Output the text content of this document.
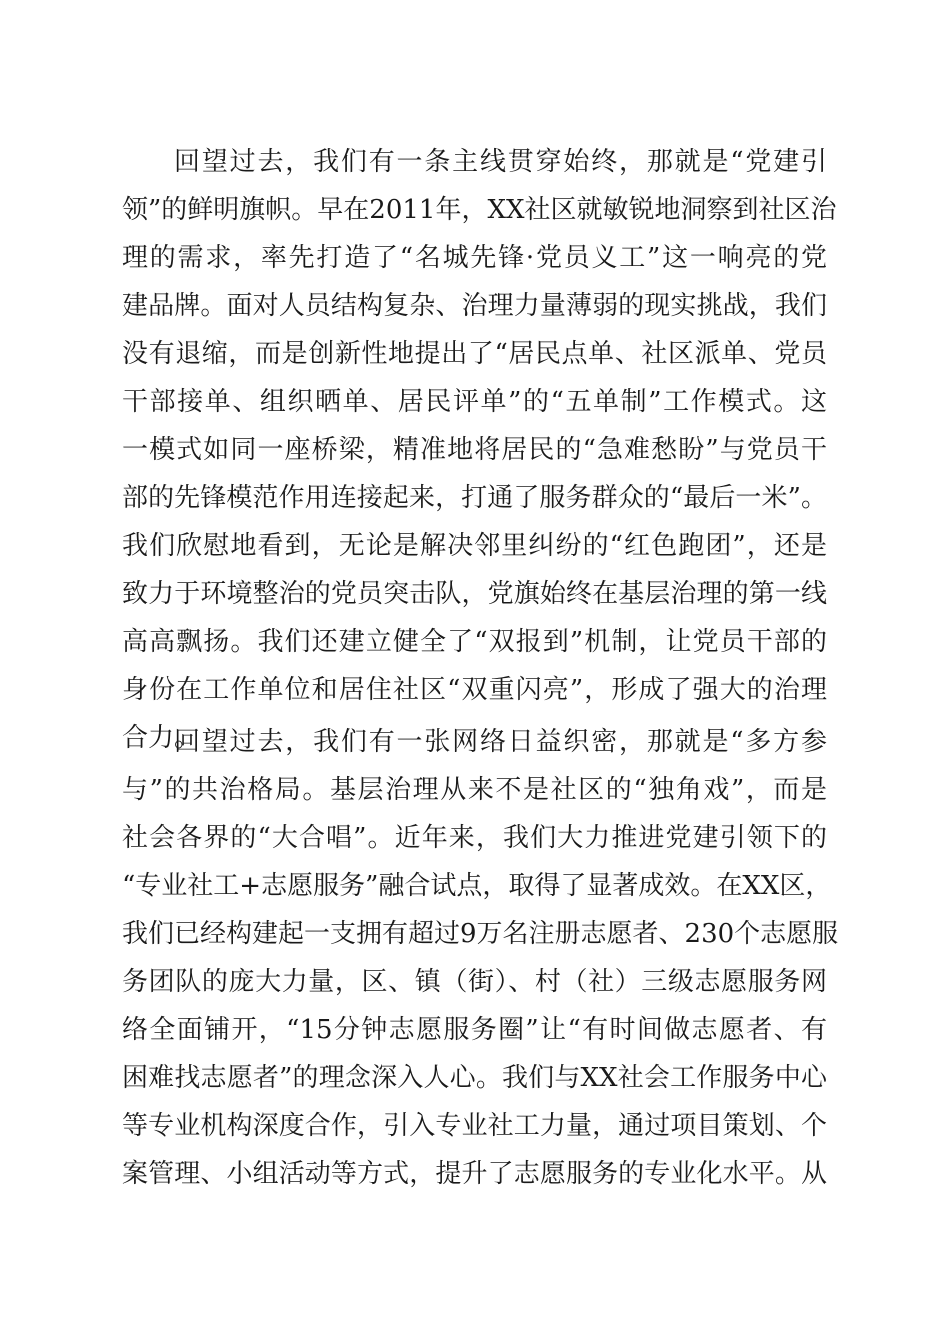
回望过去，我们有一条主线贯穿始终，那就是“党建引
领”的鲜明旗帜。早在2011年，XX社区就敏锐地洞察到社区治
理的需求，率先打造了“名城先锋·党员义工”这一响亮的党
建品牌。面对人员结构复杂、治理力量薄弱的现实挑战，我们
没有退缩，而是创新性地提出了“居民点单、社区派单、党员
干部接单、组织晒单、居民评单”的“五单制”工作模式。这
一模式如同一座桥梁，精准地将居民的“急难愁盼”与党员干
部的先锋模范作用连接起来，打通了服务群众的“最后一米”。
我们欣慰地看到，无论是解决邻里纠纷的“红色跑团”，还是
致力于环境整治的党员突击队，党旗始终在基层治理的第一线
高高飘扬。我们还建立健全了“双报到”机制，让党员干部的
身份在工作单位和居住社区“双重闪亮”，形成了强大的治理
合力。
回望过去，我们有一张网络日益织密，那就是“多方参
与”的共治格局。基层治理从来不是社区的“独角戏”，而是
社会各界的“大合唱”。近年来，我们大力推进党建引领下的
“专业社工+志愿服务”融合试点，取得了显著成效。在XX区，
我们已经构建起一支拥有超过9万名注册志愿者、230个志愿服
务团队的庞大力量，区、镇（街）、村（社）三级志愿服务网
络全面铺开，“15分钟志愿服务圈”让“有时间做志愿者、有
困难找志愿者”的理念深入人心。我们与XX社会工作服务中心
等专业机构深度合作，引入专业社工力量，通过项目策划、个
案管理、小组活动等方式，提升了志愿服务的专业化水平。从
